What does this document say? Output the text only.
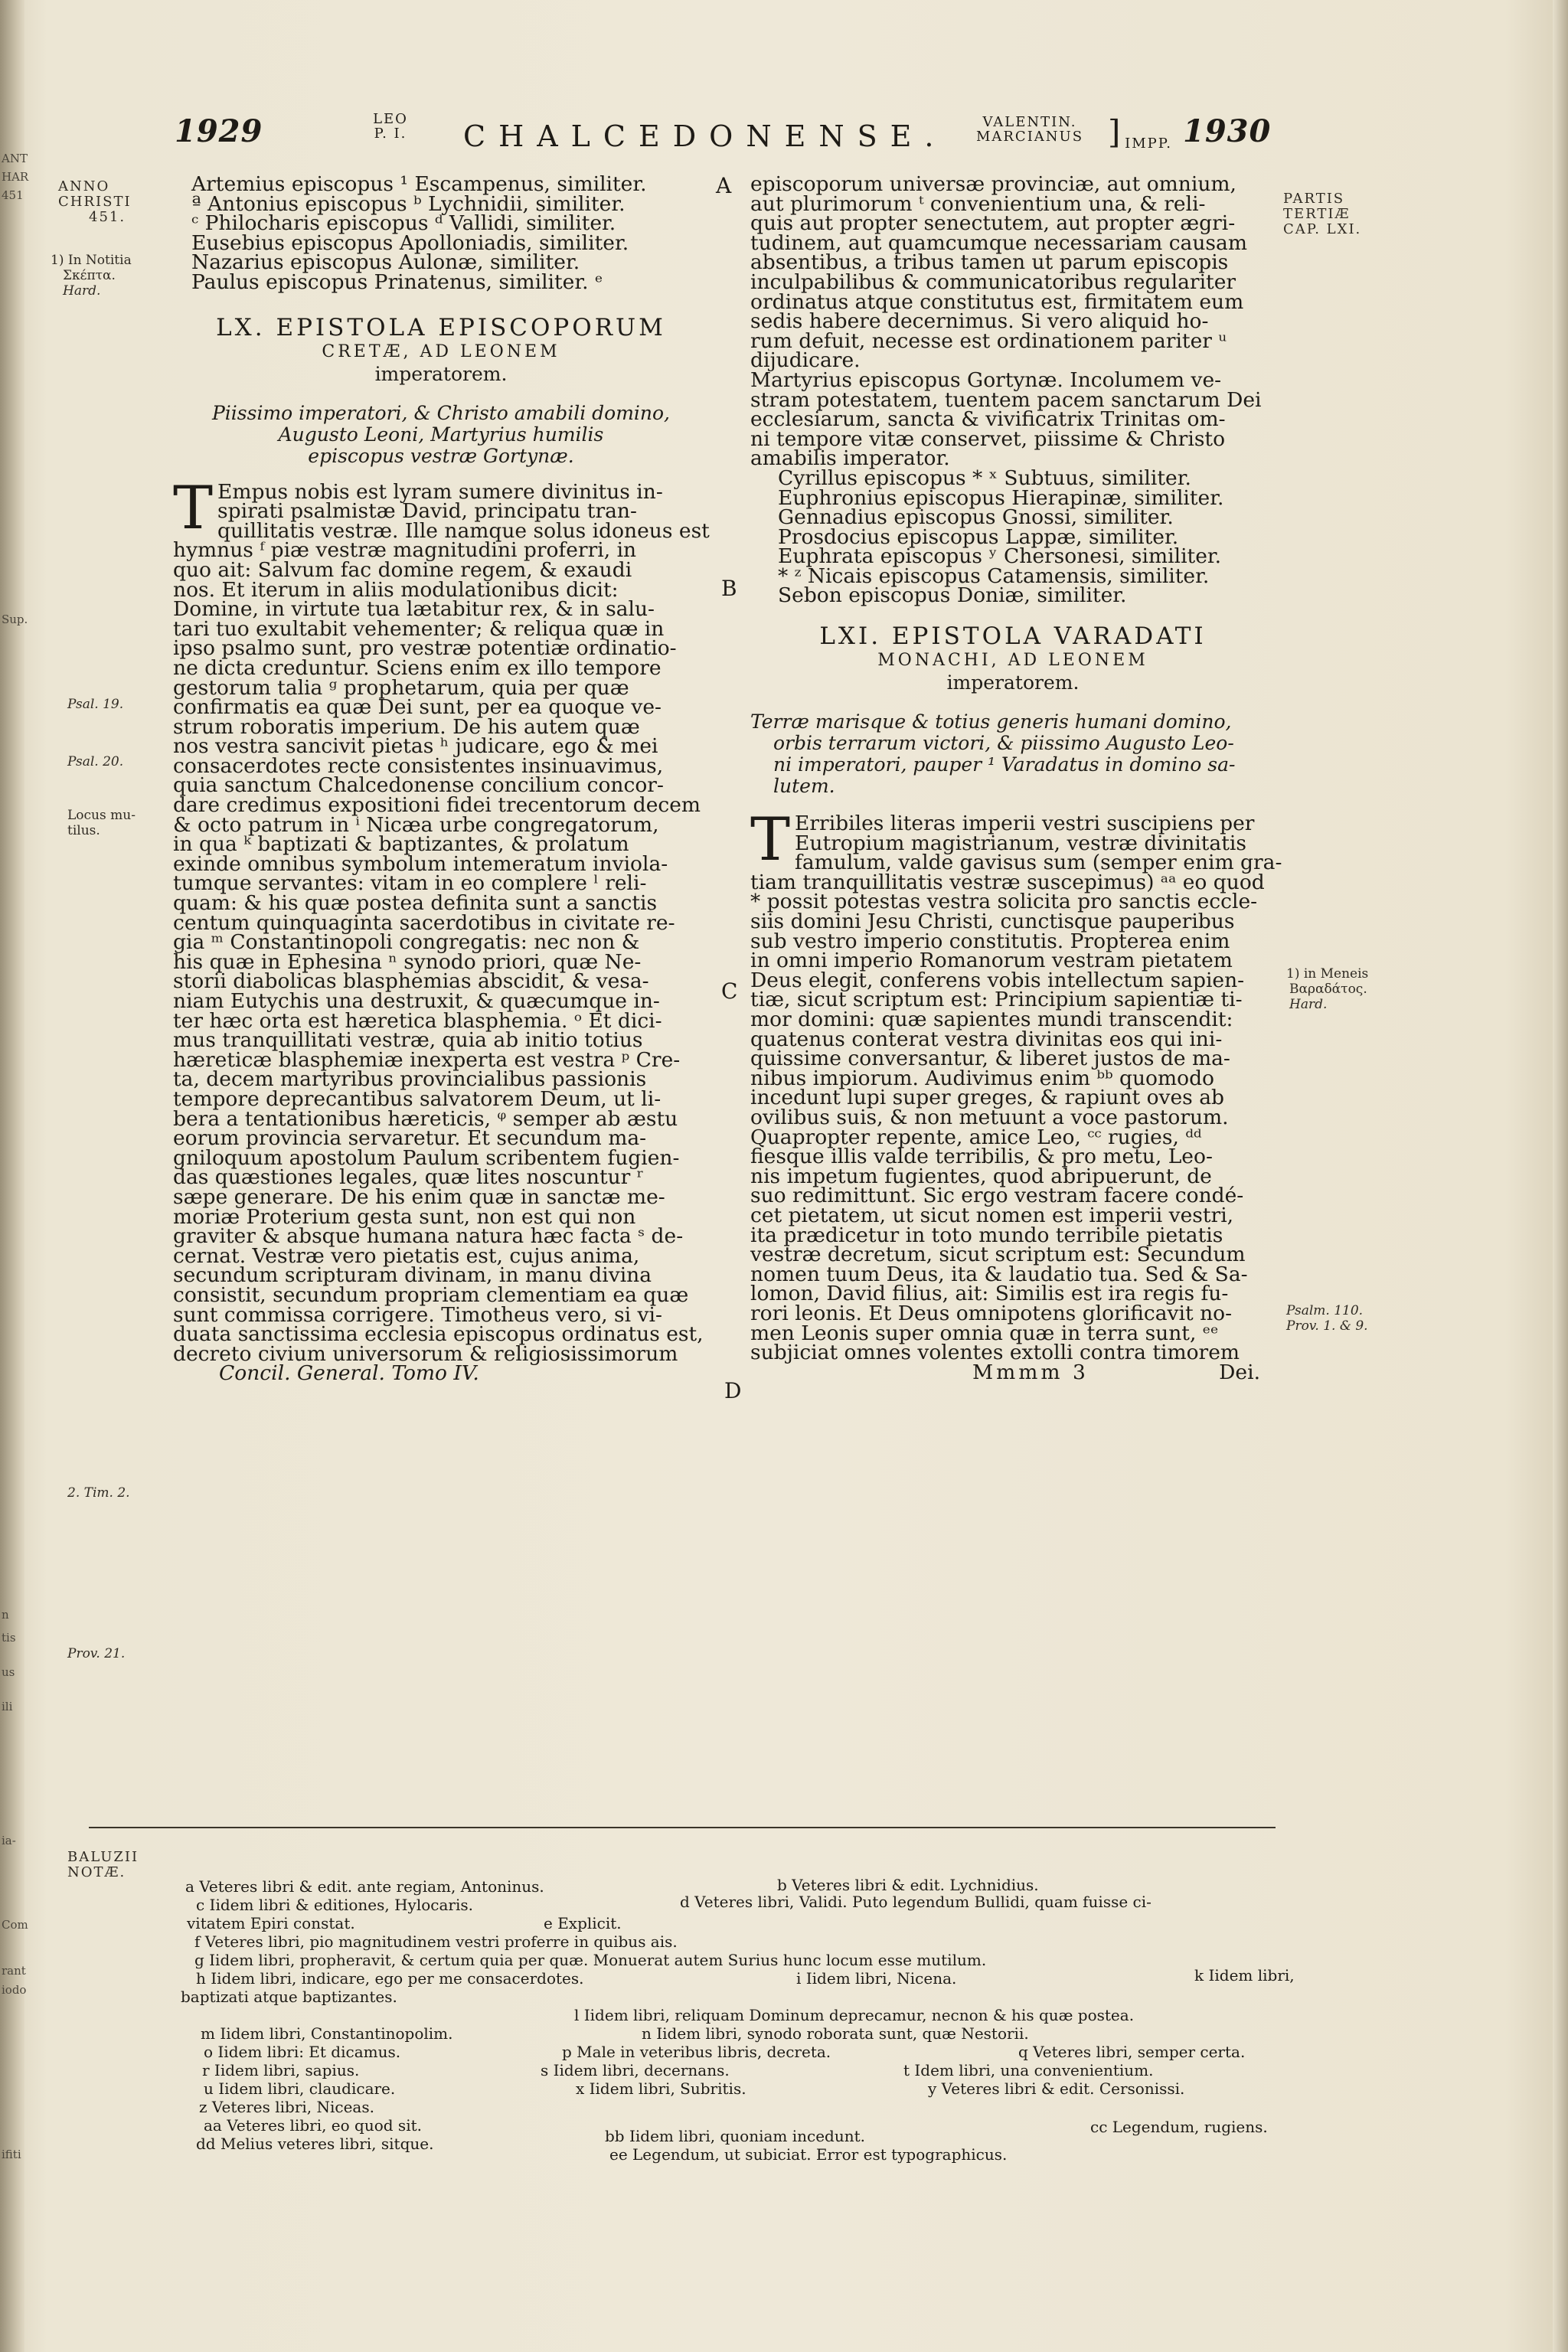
ANT
HAR
451
Sup.
n
tis
us
ili
ia-
Com
rant
iodo
ifiti
1929	LEO
P. I. CHALCEDONENSE.	VALENTIN.
MARCIANUS ] IMPP. 1930
ANNO
CHRISTI
451.
1) In Notitia
Σκέπτα.
Hard.
Psal. 19.
Psal. 20.
Locus mu-
tilus.
2. Tim. 2.
Prov. 21.
PARTIS
TERTIÆ
CAP. LXI.
1) in Meneis
Βαραδάτος.
Hard.
Psalm. 110.
Prov. 1. & 9.
A
B
C
D
Artemius episcopus ¹ Escampenus, similiter.
ª Antonius episcopus ᵇ Lychnidii, similiter.
ᶜ Philocharis episcopus ᵈ Vallidi, similiter.
Eusebius episcopus Apolloniadis, similiter.
Nazarius episcopus Aulonæ, similiter.
Paulus episcopus Prinatenus, similiter. ᵉ
LX. EPISTOLA EPISCOPORUM
CRETÆ, AD LEONEM
imperatorem.
Piissimo imperatori, & Christo amabili domino,
Augusto Leoni, Martyrius humilis
episcopus vestræ Gortynæ.
T Empus nobis est lyram sumere divinitus in-
spirati psalmistæ David, principatu tran-
quillitatis vestræ. Ille namque solus idoneus est
hymnus ᶠ piæ vestræ magnitudini proferri, in
quo ait: Salvum fac domine regem, & exaudi
nos. Et iterum in aliis modulationibus dicit:
Domine, in virtute tua lætabitur rex, & in salu-
tari tuo exultabit vehementer; & reliqua quæ in
ipso psalmo sunt, pro vestræ potentiæ ordinatio-
ne dicta creduntur. Sciens enim ex illo tempore
gestorum talia ᵍ prophetarum, quia per quæ
confirmatis ea quæ Dei sunt, per ea quoque ve-
strum roboratis imperium. De his autem quæ
nos vestra sancivit pietas ʰ judicare, ego & mei
consacerdotes recte consistentes insinuavimus,
quia sanctum Chalcedonense concilium concor-
dare credimus expositioni fidei trecentorum decem
& octo patrum in ⁱ Nicæa urbe congregatorum,
in qua ᵏ baptizati & baptizantes, & prolatum
exinde omnibus symbolum intemeratum inviola-
tumque servantes: vitam in eo complere ˡ reli-
quam: & his quæ postea definita sunt a sanctis
centum quinquaginta sacerdotibus in civitate re-
gia ᵐ Constantinopoli congregatis: nec non &
his quæ in Ephesina ⁿ synodo priori, quæ Ne-
storii diabolicas blasphemias abscidit, & vesa-
niam Eutychis una destruxit, & quæcumque in-
ter hæc orta est hæretica blasphemia. ᵒ Et dici-
mus tranquillitati vestræ, quia ab initio totius
hæreticæ blasphemiæ inexperta est vestra ᵖ Cre-
ta, decem martyribus provincialibus passionis
tempore deprecantibus salvatorem Deum, ut li-
bera a tentationibus hæreticis, ᵠ semper ab æstu
eorum provincia servaretur. Et secundum ma-
gniloquum apostolum Paulum scribentem fugien-
das quæstiones legales, quæ lites noscuntur ʳ
sæpe generare. De his enim quæ in sanctæ me-
moriæ Proterium gesta sunt, non est qui non
graviter & absque humana natura hæc facta ˢ de-
cernat. Vestræ vero pietatis est, cujus anima,
secundum scripturam divinam, in manu divina
consistit, secundum propriam clementiam ea quæ
sunt commissa corrigere. Timotheus vero, si vi-
duata sanctissima ecclesia episcopus ordinatus est,
decreto civium universorum & religiosissimorum
Concil. General. Tomo IV.
episcoporum universæ provinciæ, aut omnium,
aut plurimorum ᵗ convenientium una, & reli-
quis aut propter senectutem, aut propter ægri-
tudinem, aut quamcumque necessariam causam
absentibus, a tribus tamen ut parum episcopis
inculpabilibus & communicatoribus regulariter
ordinatus atque constitutus est, firmitatem eum
sedis habere decernimus. Si vero aliquid ho-
rum defuit, necesse est ordinationem pariter ᵘ
dijudicare.
Martyrius episcopus Gortynæ. Incolumem ve-
stram potestatem, tuentem pacem sanctarum Dei
ecclesiarum, sancta & vivificatrix Trinitas om-
ni tempore vitæ conservet, piissime & Christo
amabilis imperator.
Cyrillus episcopus * ˣ Subtuus, similiter.
Euphronius episcopus Hierapinæ, similiter.
Gennadius episcopus Gnossi, similiter.
Prosdocius episcopus Lappæ, similiter.
Euphrata episcopus ʸ Chersonesi, similiter.
* ᶻ Nicais episcopus Catamensis, similiter.
Sebon episcopus Doniæ, similiter.
LXI. EPISTOLA VARADATI
MONACHI, AD LEONEM
imperatorem.
Terræ marisque & totius generis humani domino,
orbis terrarum victori, & piissimo Augusto Leo-
ni imperatori, pauper ¹ Varadatus in domino sa-
lutem.
T Erribiles literas imperii vestri suscipiens per
Eutropium magistrianum, vestræ divinitatis
famulum, valde gavisus sum (semper enim gra-
tiam tranquillitatis vestræ suscepimus) ᵃᵃ eo quod
* possit potestas vestra solicita pro sanctis eccle-
siis domini Jesu Christi, cunctisque pauperibus
sub vestro imperio constitutis. Propterea enim
in omni imperio Romanorum vestram pietatem
Deus elegit, conferens vobis intellectum sapien-
tiæ, sicut scriptum est: Principium sapientiæ ti-
mor domini: quæ sapientes mundi transcendit:
quatenus conterat vestra divinitas eos qui ini-
quissime conversantur, & liberet justos de ma-
nibus impiorum. Audivimus enim ᵇᵇ quomodo
incedunt lupi super greges, & rapiunt oves ab
ovilibus suis, & non metuunt a voce pastorum.
Quapropter repente, amice Leo, ᶜᶜ rugies, ᵈᵈ
fiesque illis valde terribilis, & pro metu, Leo-
nis impetum fugientes, quod abripuerunt, de
suo redimittunt. Sic ergo vestram facere condé-
cet pietatem, ut sicut nomen est imperii vestri,
ita prædicetur in toto mundo terribile pietatis
vestræ decretum, sicut scriptum est: Secundum
nomen tuum Deus, ita & laudatio tua. Sed & Sa-
lomon, David filius, ait: Similis est ira regis fu-
rori leonis. Et Deus omnipotens glorificavit no-
men Leonis super omnia quæ in terra sunt, ᵉᵉ
subjiciat omnes volentes extolli contra timorem
Mmmm 3	Dei.
BALUZII
NOTÆ.
a Veteres libri & edit. ante regiam, Antoninus.	b Veteres libri & edit. Lychnidius.
c Iidem libri & editiones, Hylocaris.	d Veteres libri, Validi. Puto legendum Bullidi, quam fuisse ci-
vitatem Epiri constat.	e Explicit.
f Veteres libri, pio magnitudinem vestri proferre in quibus ais.
g Iidem libri, propheravit, & certum quia per quæ. Monuerat autem Surius hunc locum esse mutilum.
h Iidem libri, indicare, ego per me consacerdotes.	i Iidem libri, Nicena.	k Iidem libri,
baptizati atque baptizantes.
l Iidem libri, reliquam Dominum deprecamur, necnon & his quæ postea.
m Iidem libri, Constantinopolim.	n Iidem libri, synodo roborata sunt, quæ Nestorii.
o Iidem libri: Et dicamus.	p Male in veteribus libris, decreta.	q Veteres libri, semper certa.
r Iidem libri, sapius.	s Iidem libri, decernans.	t Idem libri, una convenientium.
u Iidem libri, claudicare.	x Iidem libri, Subritis.	y Veteres libri & edit. Cersonissi.
z Veteres libri, Niceas.
aa Veteres libri, eo quod sit.
bb Iidem libri, quoniam incedunt.	cc Legendum, rugiens.
dd Melius veteres libri, sitque.
ee Legendum, ut subiciat. Error est typographicus.
